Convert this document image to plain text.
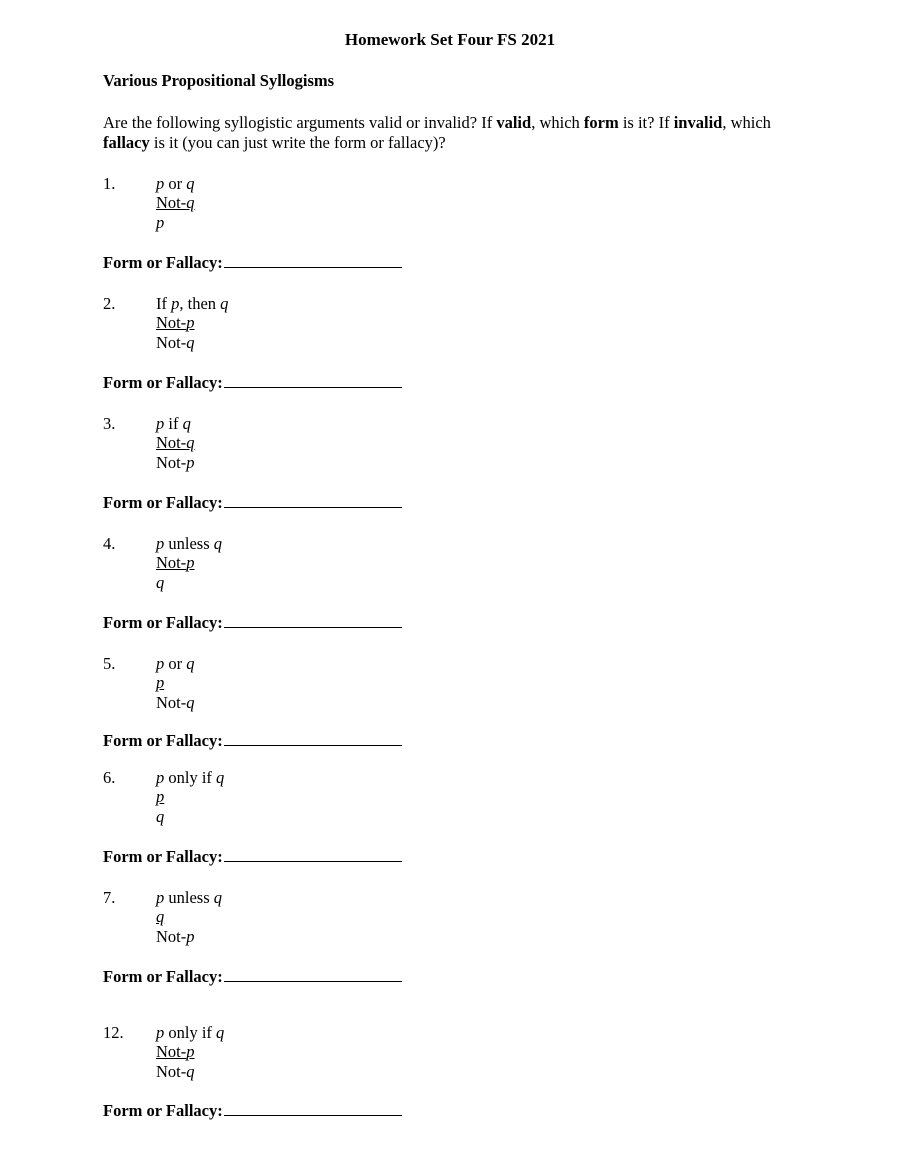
Homework Set Four FS 2021
Various Propositional Syllogisms
Are the following syllogistic arguments valid or invalid? If valid, which form is it? If invalid, which fallacy is it (you can just write the form or fallacy)?
1. p or q
Not-q
p
Form or Fallacy:
2. If p, then q
Not-p
Not-q
Form or Fallacy:
3. p if q
Not-q
Not-p
Form or Fallacy:
4. p unless q
Not-p
q
Form or Fallacy:
5. p or q
p
Not-q
Form or Fallacy:
6. p only if q
p
q
Form or Fallacy:
7. p unless q
q
Not-p
Form or Fallacy:
12. p only if q
Not-p
Not-q
Form or Fallacy:
